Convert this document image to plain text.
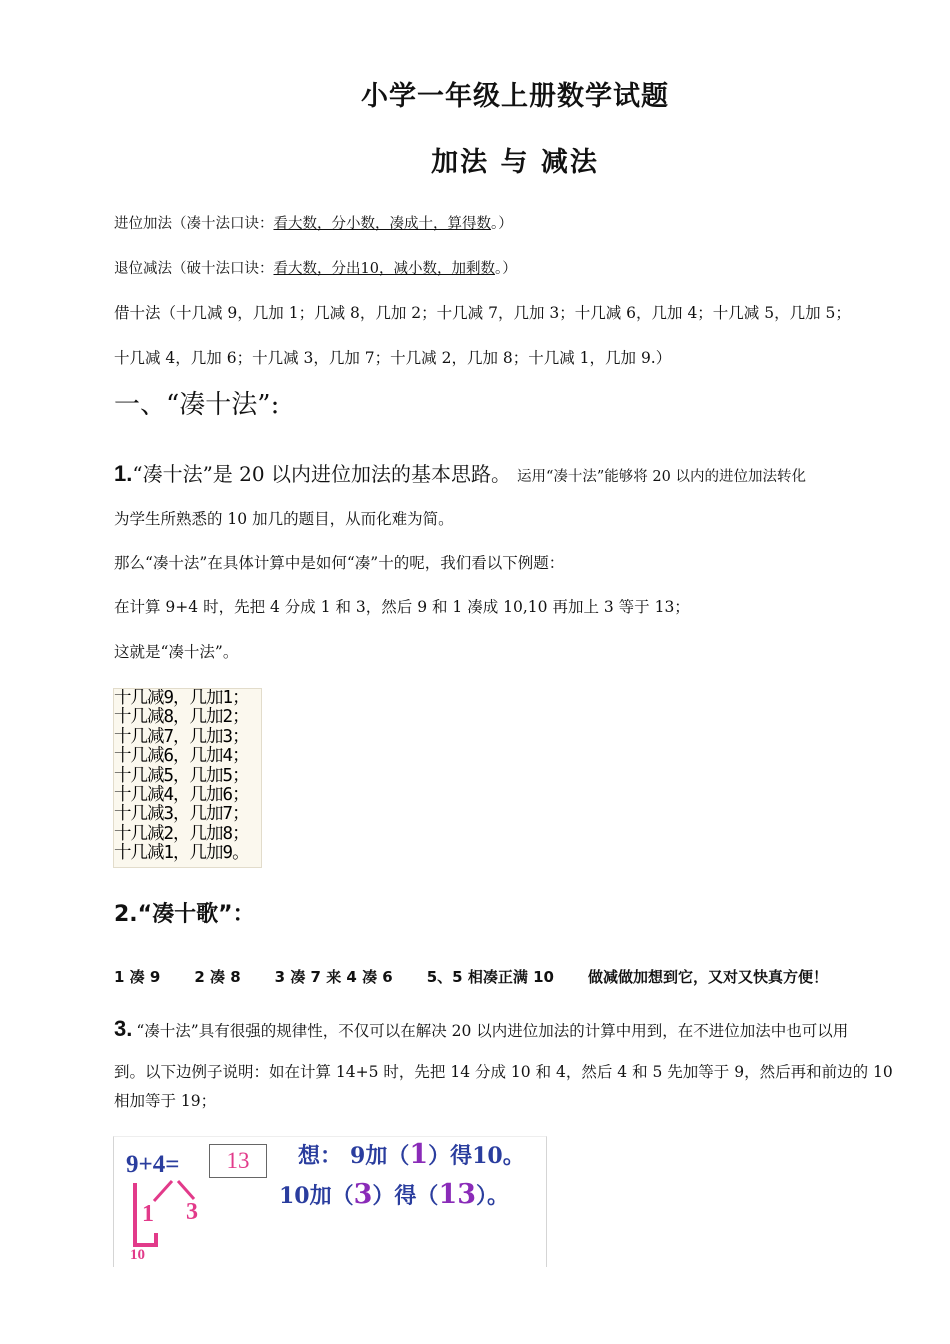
小学一年级上册数学试题
加法 与 减法
进位加法（凑十法口诀：看大数，分小数，凑成十，算得数。）
退位减法（破十法口诀：看大数，分出10，减小数，加剩数。）
借十法（十几减 9，几加 1；几减 8，几加 2；十几减 7，几加 3；十几减 6，几加 4；十几减 5，几加 5；
十几减 4，几加 6；十几减 3，几加 7；十几减 2，几加 8；十几减 1，几加 9.）
一、“凑十法”:
1.“凑十法”是 20 以内进位加法的基本思路。 运用“凑十法”能够将 20 以内的进位加法转化
为学生所熟悉的 10 加几的题目，从而化难为简。
那么“凑十法”在具体计算中是如何“凑”十的呢，我们看以下例题：
在计算 9+4 时，先把 4 分成 1 和 3，然后 9 和 1 凑成 10,10 再加上 3 等于 13；
这就是“凑十法”。
十几减9，几加1；
十几减8，几加2；
十几减7，几加3；
十几减6，几加4；
十几减5，几加5；
十几减4，几加6；
十几减3，几加7；
十几减2，几加8；
十几减1，几加9。
2.“凑十歌”：
1 凑 9 2 凑 8 3 凑 7 来 4 凑 6 5、5 相凑正满 10 做减做加想到它，又对又快真方便！
3. “凑十法”具有很强的规律性，不仅可以在解决 20 以内进位加法的计算中用到，在不进位加法中也可以用
到。以下边例子说明：如在计算 14+5 时，先把 14 分成 10 和 4，然后 4 和 5 先加等于 9，然后再和前边的 10
相加等于 19；
9+4=	13
1 3
10
想： 9加（1）得10。
10加（3）得（13）。
